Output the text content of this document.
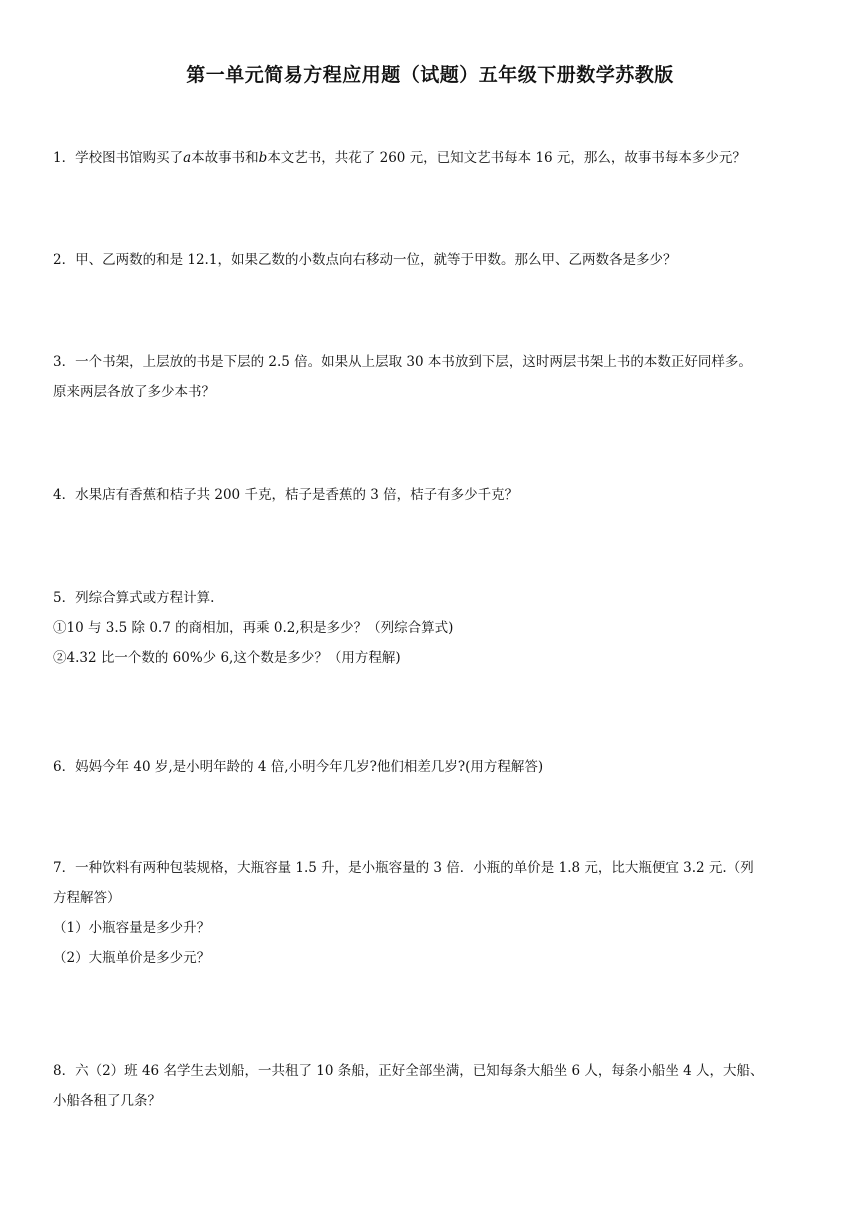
第一单元简易方程应用题（试题）五年级下册数学苏教版
1．学校图书馆购买了a本故事书和b本文艺书，共花了 260 元，已知文艺书每本 16 元，那么，故事书每本多少元？
2．甲、乙两数的和是 12.1，如果乙数的小数点向右移动一位，就等于甲数。那么甲、乙两数各是多少？
3．一个书架，上层放的书是下层的 2.5 倍。如果从上层取 30 本书放到下层，这时两层书架上书的本数正好同样多。
原来两层各放了多少本书？
4．水果店有香蕉和桔子共 200 千克，桔子是香蕉的 3 倍，桔子有多少千克？
5．列综合算式或方程计算.
①10 与 3.5 除 0.7 的商相加，再乘 0.2,积是多少？（列综合算式)
②4.32 比一个数的 60%少 6,这个数是多少？（用方程解)
6．妈妈今年 40 岁,是小明年龄的 4 倍,小明今年几岁?他们相差几岁?(用方程解答)
7．一种饮料有两种包装规格，大瓶容量 1.5 升，是小瓶容量的 3 倍．小瓶的单价是 1.8 元，比大瓶便宜 3.2 元.（列
方程解答）
（1）小瓶容量是多少升？
（2）大瓶单价是多少元？
8．六（2）班 46 名学生去划船，一共租了 10 条船，正好全部坐满，已知每条大船坐 6 人，每条小船坐 4 人，大船、
小船各租了几条？
